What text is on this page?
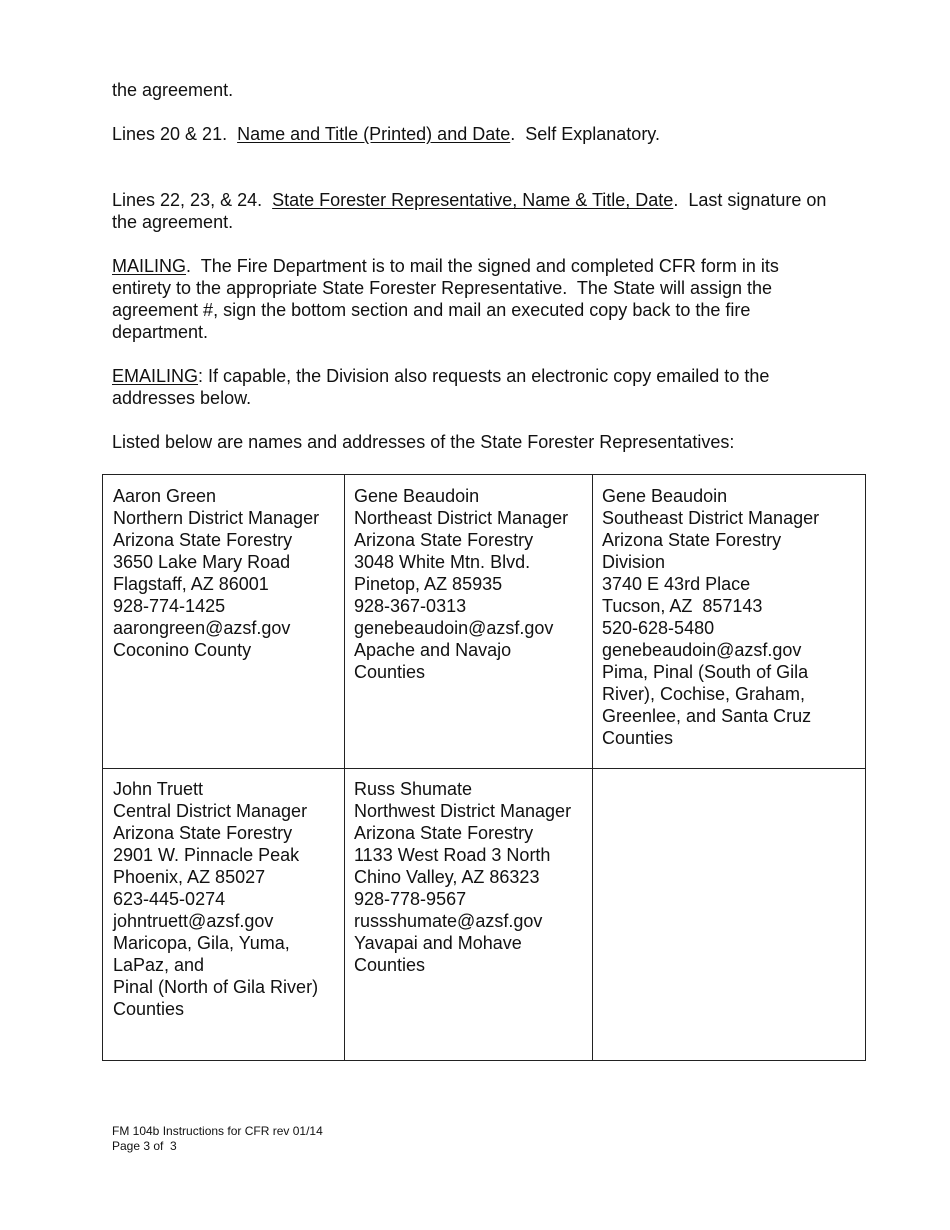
the agreement.

Lines 20 & 21.  Name and Title (Printed) and Date.  Self Explanatory.

Lines 22, 23, & 24.  State Forester Representative, Name & Title, Date.  Last signature on the agreement.

MAILING.  The Fire Department is to mail the signed and completed CFR form in its entirety to the appropriate State Forester Representative.  The State will assign the agreement #, sign the bottom section and mail an executed copy back to the fire department.

EMAILING: If capable, the Division also requests an electronic copy emailed to the addresses below.

Listed below are names and addresses of the State Forester Representatives:

Aaron Green
Northern District Manager
Arizona State Forestry
3650 Lake Mary Road
Flagstaff, AZ 86001
928-774-1425
aarongreen@azsf.gov
Coconino County
Gene Beaudoin
Northeast District Manager
Arizona State Forestry
3048 White Mtn. Blvd.
Pinetop, AZ 85935
928-367-0313
genebeaudoin@azsf.gov
Apache and Navajo
Counties
Gene Beaudoin
Southeast District Manager
Arizona State Forestry
Division
3740 E 43rd Place
Tucson, AZ  857143
520-628-5480
genebeaudoin@azsf.gov
Pima, Pinal (South of Gila
River), Cochise, Graham,
Greenlee, and Santa Cruz
Counties
John Truett
Central District Manager
Arizona State Forestry
2901 W. Pinnacle Peak
Phoenix, AZ 85027
623-445-0274
johntruett@azsf.gov
Maricopa, Gila, Yuma,
LaPaz, and
Pinal (North of Gila River)
Counties
Russ Shumate
Northwest District Manager
Arizona State Forestry
1133 West Road 3 North
Chino Valley, AZ 86323
928-778-9567
russshumate@azsf.gov
Yavapai and Mohave
Counties
FM 104b Instructions for CFR rev 01/14
Page 3 of  3
